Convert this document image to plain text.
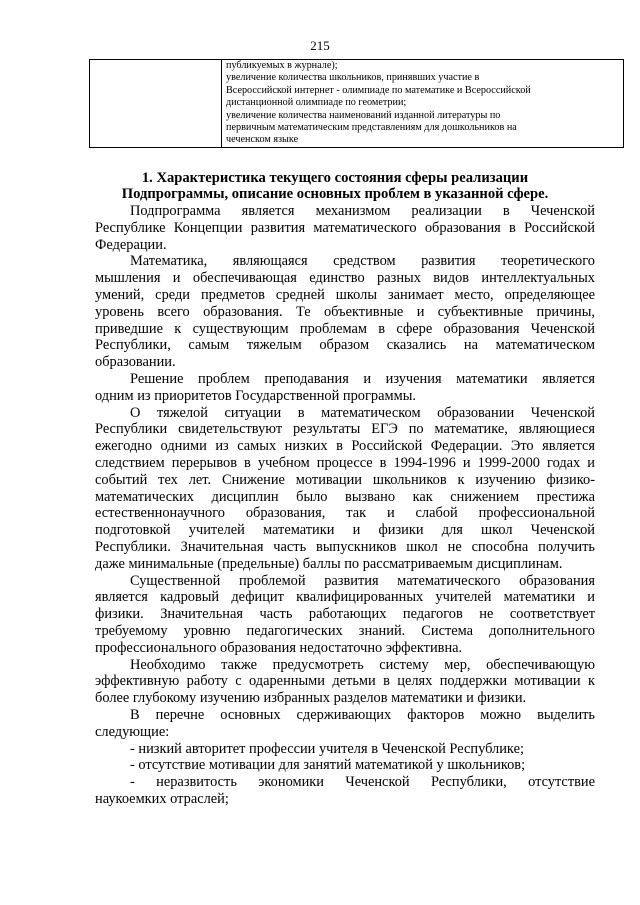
215

публикуемых в журнале);
увеличение количества школьников, принявших участие в
Всероссийской интернет - олимпиаде по математике и Всероссийской
дистанционной олимпиаде по геометрии;
увеличение количества наименований изданной литературы по
первичным математическим представлениям для дошкольников на
чеченском языке
1. Характеристика текущего состояния сферы реализации
Подпрограммы, описание основных проблем в указанной сфере.
Подпрограмма является механизмом реализации в Чеченской
Республике Концепции развития математического образования в Российской
Федерации.
Математика, являющаяся средством развития теоретического
мышления и обеспечивающая единство разных видов интеллектуальных
умений, среди предметов средней школы занимает место, определяющее
уровень всего образования. Те объективные и субъективные причины,
приведшие к существующим проблемам в сфере образования Чеченской
Республики, самым тяжелым образом сказались на математическом
образовании.
Решение проблем преподавания и изучения математики является
одним из приоритетов Государственной программы.
О тяжелой ситуации в математическом образовании Чеченской
Республики свидетельствуют результаты ЕГЭ по математике, являющиеся
ежегодно одними из самых низких в Российской Федерации. Это является
следствием перерывов в учебном процессе в 1994-1996 и 1999-2000 годах и
событий тех лет. Снижение мотивации школьников к изучению физико-
математических дисциплин было вызвано как снижением престижа
естественнонаучного образования, так и слабой профессиональной
подготовкой учителей математики и физики для школ Чеченской
Республики. Значительная часть выпускников школ не способна получить
даже минимальные (предельные) баллы по рассматриваемым дисциплинам.
Существенной проблемой развития математического образования
является кадровый дефицит квалифицированных учителей математики и
физики. Значительная часть работающих педагогов не соответствует
требуемому уровню педагогических знаний. Система дополнительного
профессионального образования недостаточно эффективна.
Необходимо также предусмотреть систему мер, обеспечивающую
эффективную работу с одаренными детьми в целях поддержки мотивации к
более глубокому изучению избранных разделов математики и физики.
В перечне основных сдерживающих факторов можно выделить
следующие:
- низкий авторитет профессии учителя в Чеченской Республике;
- отсутствие мотивации для занятий математикой у школьников;
- неразвитость экономики Чеченской Республики, отсутствие
наукоемких отраслей;
